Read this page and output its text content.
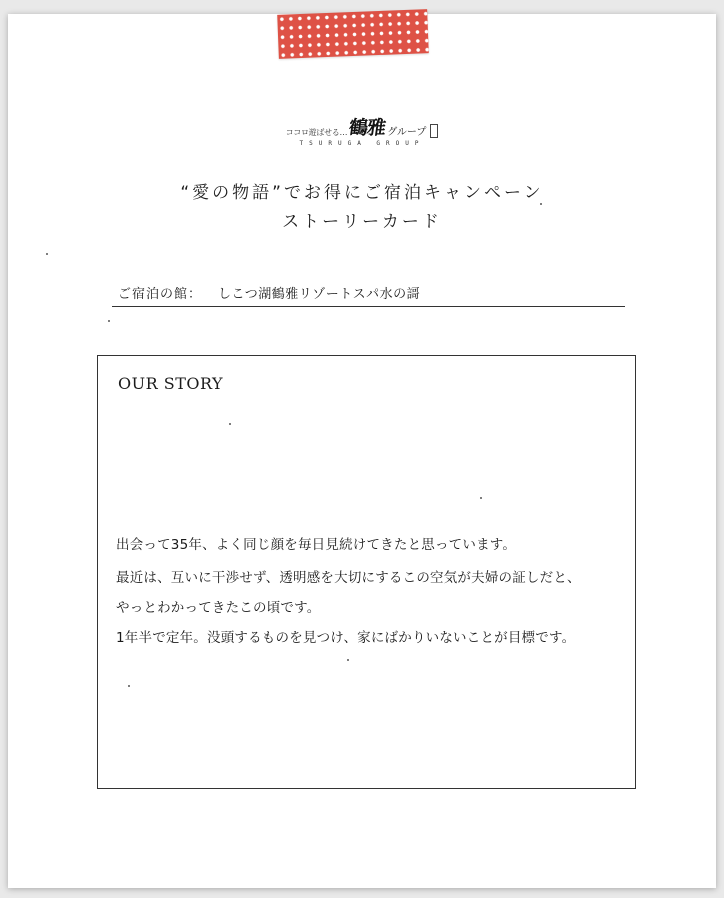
ココロ遊ばせる… 鶴雅 グループ
TSURUGA GROUP
“愛の物語”でお得にご宿泊キャンペーン
ストーリーカード
ご宿泊の館： しこつ湖鶴雅リゾートスパ水の謌
OUR STORY
出会って35年、よく同じ顔を毎日見続けてきたと思っています。
最近は、互いに干渉せず、透明感を大切にするこの空気が夫婦の証しだと、
やっとわかってきたこの頃です。
1年半で定年。没頭するものを見つけ、家にばかりいないことが目標です。
